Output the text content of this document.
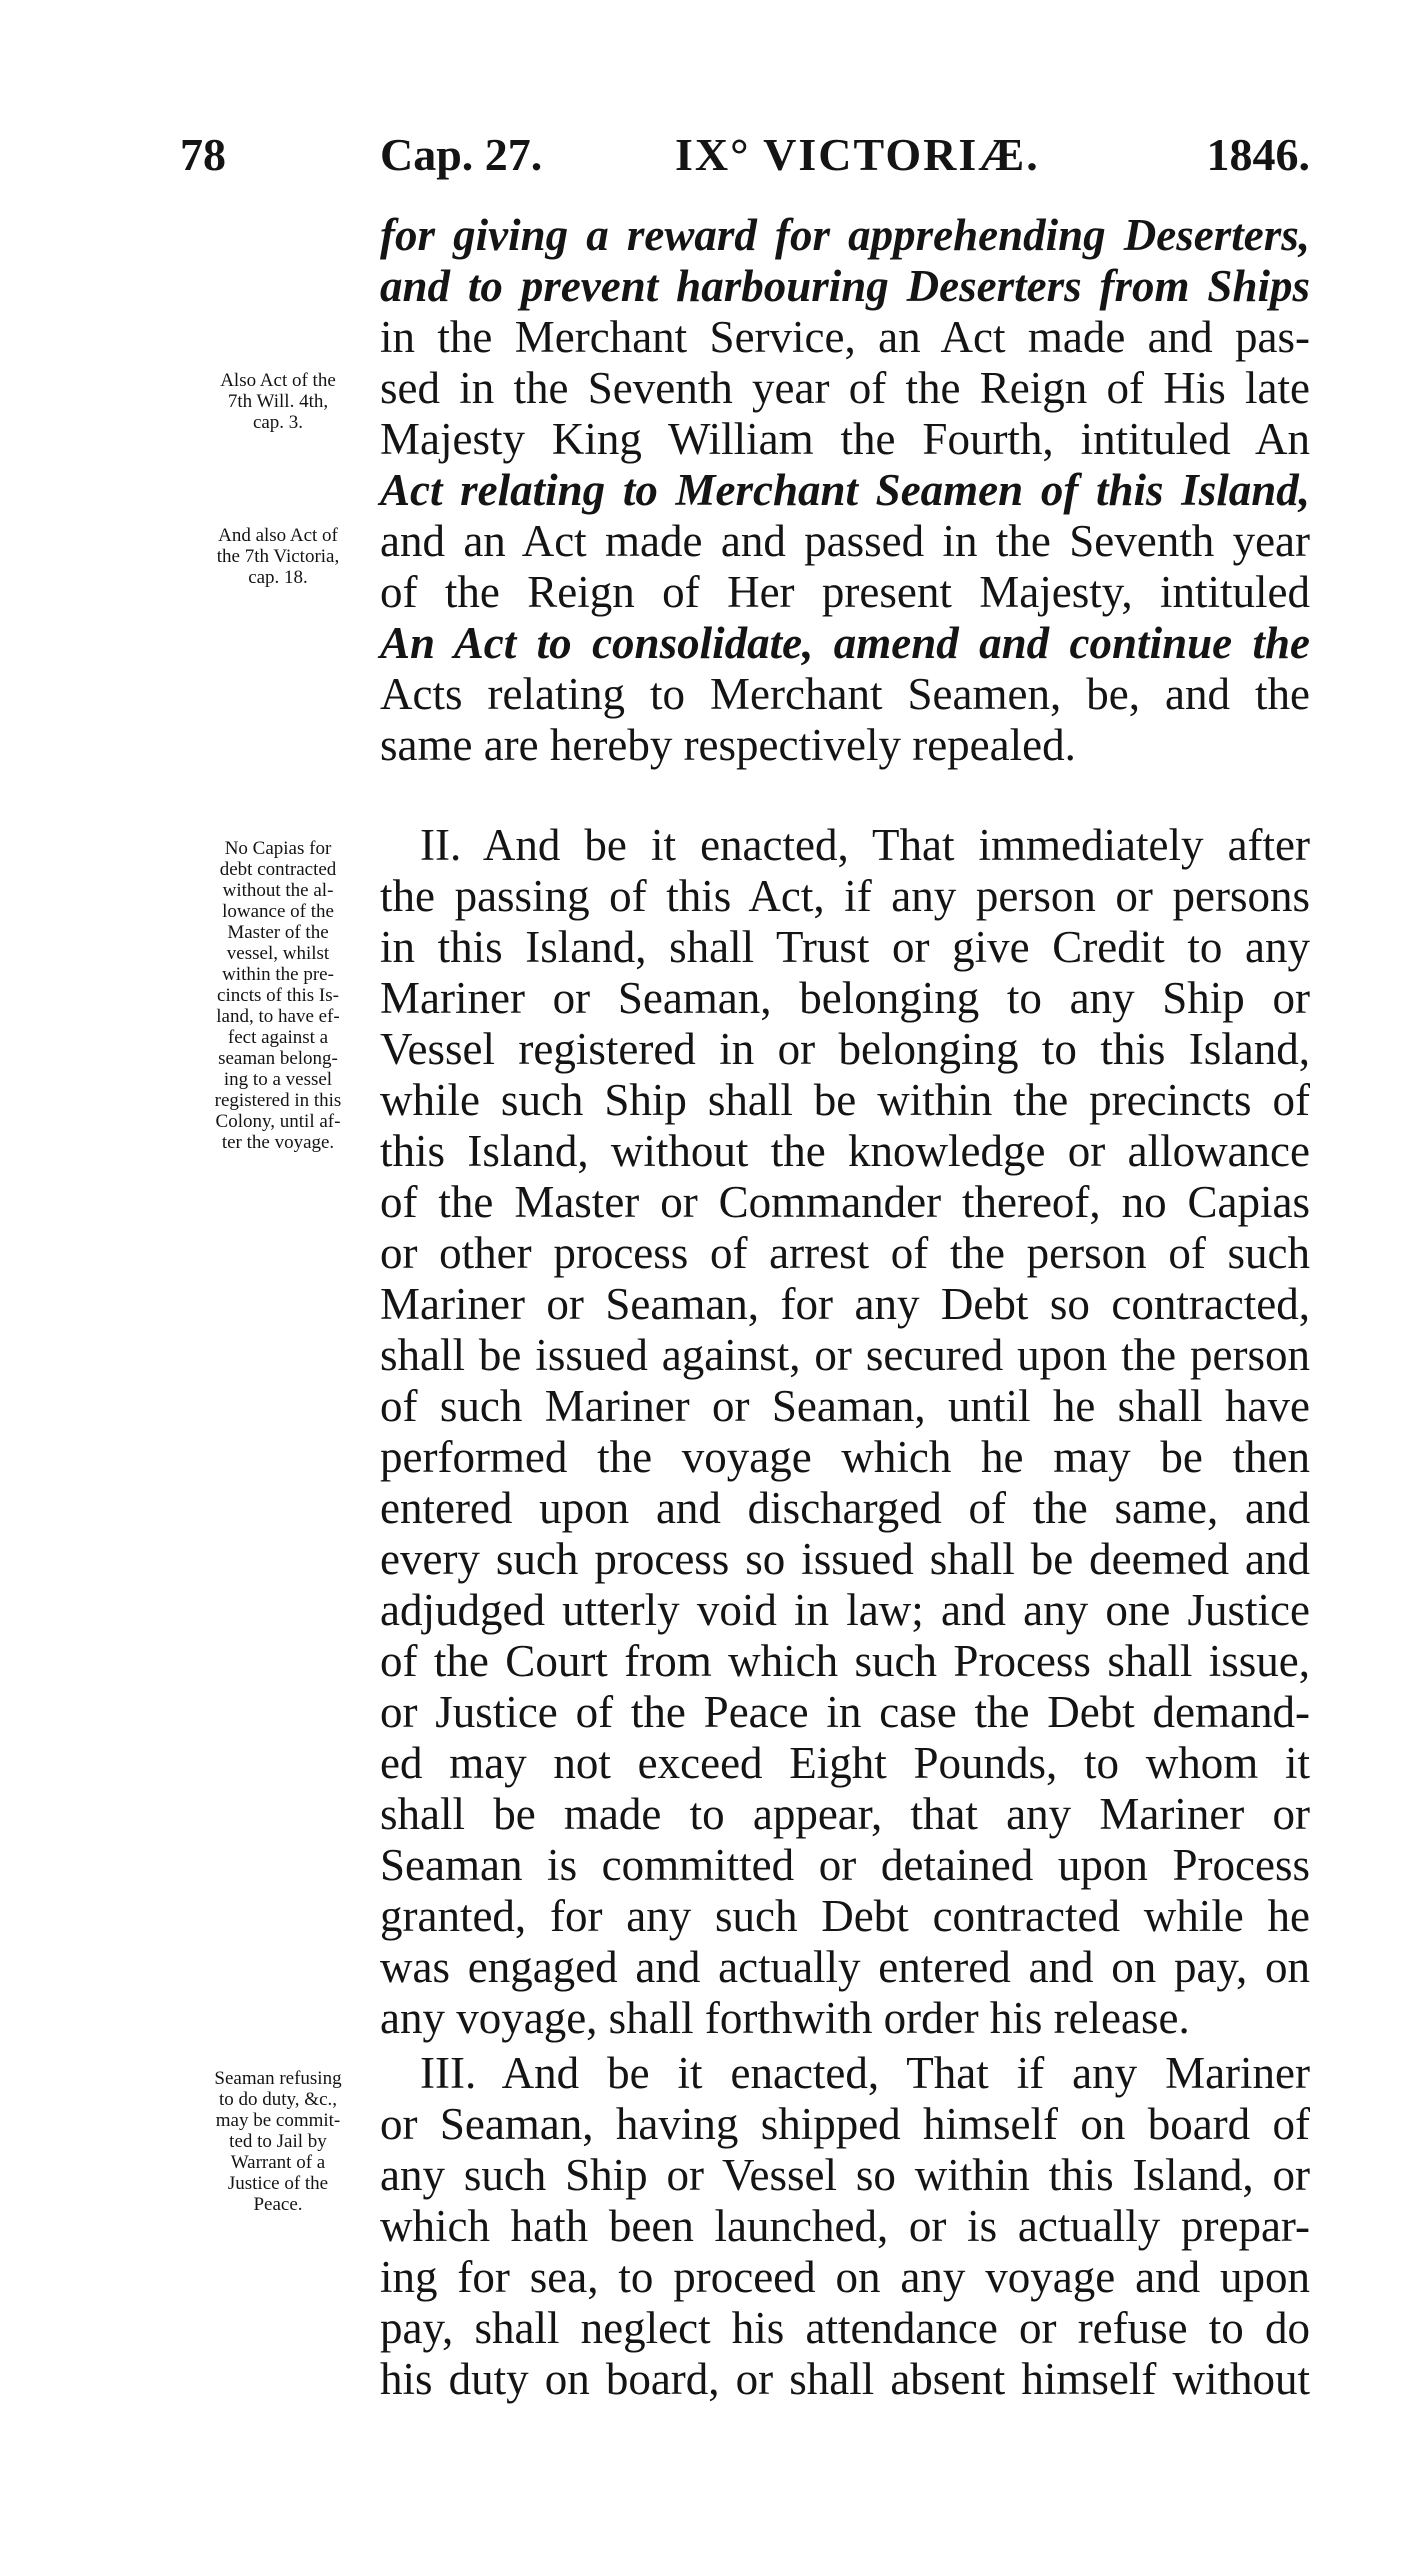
78	Cap. 27.	IX° VICTORIÆ.	1846.
for giving a reward for apprehending Deserters,
and to prevent harbouring Deserters from Ships
in the Merchant Service, an Act made and pas-
sed in the Seventh year of the Reign of His late
Majesty King William the Fourth, intituled An
Act relating to Merchant Seamen of this Island,
and an Act made and passed in the Seventh year
of the Reign of Her present Majesty, intituled
An Act to consolidate, amend and continue the
Acts relating to Merchant Seamen, be, and the
same are hereby respectively repealed.
II. And be it enacted, That immediately after
the passing of this Act, if any person or persons
in this Island, shall Trust or give Credit to any
Mariner or Seaman, belonging to any Ship or
Vessel registered in or belonging to this Island,
while such Ship shall be within the precincts of
this Island, without the knowledge or allowance
of the Master or Commander thereof, no Capias
or other process of arrest of the person of such
Mariner or Seaman, for any Debt so contracted,
shall be issued against, or secured upon the person
of such Mariner or Seaman, until he shall have
performed the voyage which he may be then
entered upon and discharged of the same, and
every such process so issued shall be deemed and
adjudged utterly void in law; and any one Justice
of the Court from which such Process shall issue,
or Justice of the Peace in case the Debt demand-
ed may not exceed Eight Pounds, to whom it
shall be made to appear, that any Mariner or
Seaman is committed or detained upon Process
granted, for any such Debt contracted while he
was engaged and actually entered and on pay, on
any voyage, shall forthwith order his release.
III. And be it enacted, That if any Mariner
or Seaman, having shipped himself on board of
any such Ship or Vessel so within this Island, or
which hath been launched, or is actually prepar-
ing for sea, to proceed on any voyage and upon
pay, shall neglect his attendance or refuse to do
his duty on board, or shall absent himself without
Also Act of the
7th Will. 4th,
cap. 3.
And also Act of
the 7th Victoria,
cap. 18.
No Capias for
debt contracted
without the al-
lowance of the
Master of the
vessel, whilst
within the pre-
cincts of this Is-
land, to have ef-
fect against a
seaman belong-
ing to a vessel
registered in this
Colony, until af-
ter the voyage.
Seaman refusing
to do duty, &c.,
may be commit-
ted to Jail by
Warrant of a
Justice of the
Peace.
